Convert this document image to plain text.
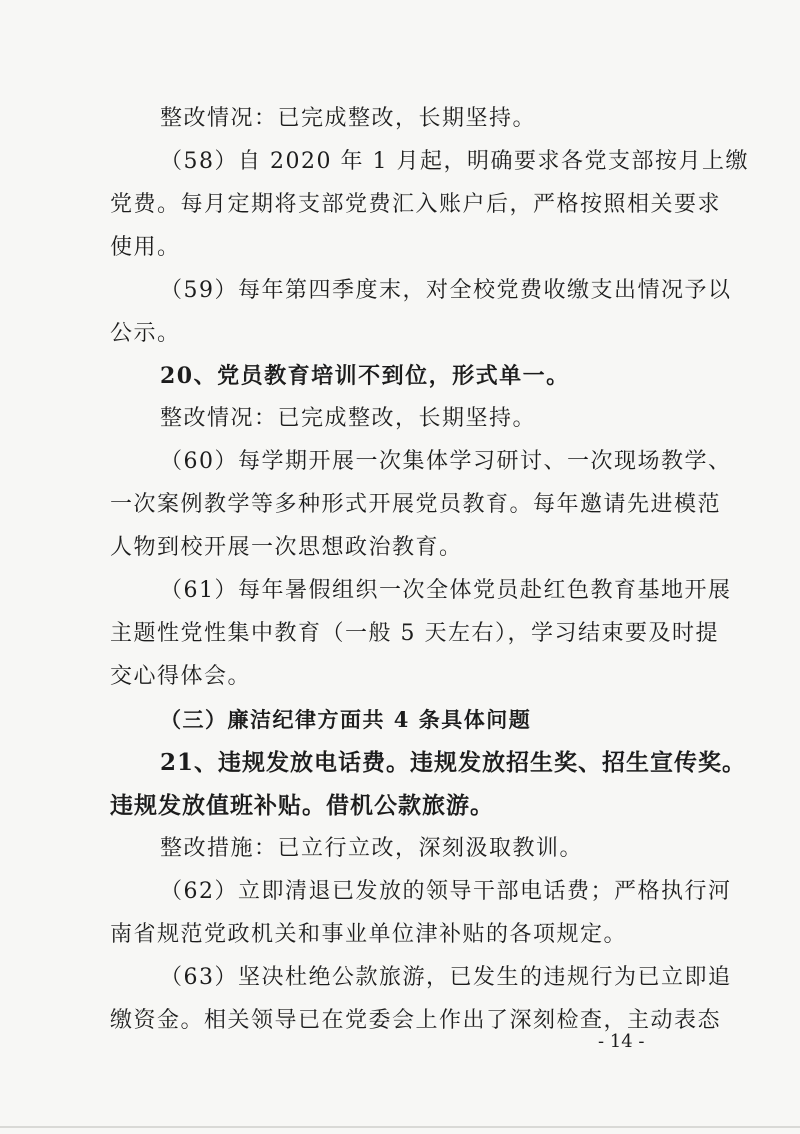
整改情况：已完成整改，长期坚持。
（58）自 2020 年 1 月起，明确要求各党支部按月上缴
党费。每月定期将支部党费汇入账户后，严格按照相关要求
使用。
（59）每年第四季度末，对全校党费收缴支出情况予以
公示。
20、党员教育培训不到位，形式单一。
整改情况：已完成整改，长期坚持。
（60）每学期开展一次集体学习研讨、一次现场教学、
一次案例教学等多种形式开展党员教育。每年邀请先进模范
人物到校开展一次思想政治教育。
（61）每年暑假组织一次全体党员赴红色教育基地开展
主题性党性集中教育（一般 5 天左右），学习结束要及时提
交心得体会。
（三）廉洁纪律方面共 4 条具体问题
21、违规发放电话费。违规发放招生奖、招生宣传奖。
违规发放值班补贴。借机公款旅游。
整改措施：已立行立改，深刻汲取教训。
（62）立即清退已发放的领导干部电话费；严格执行河
南省规范党政机关和事业单位津补贴的各项规定。
（63）坚决杜绝公款旅游，已发生的违规行为已立即追
缴资金。相关领导已在党委会上作出了深刻检查，主动表态
- 14 -
